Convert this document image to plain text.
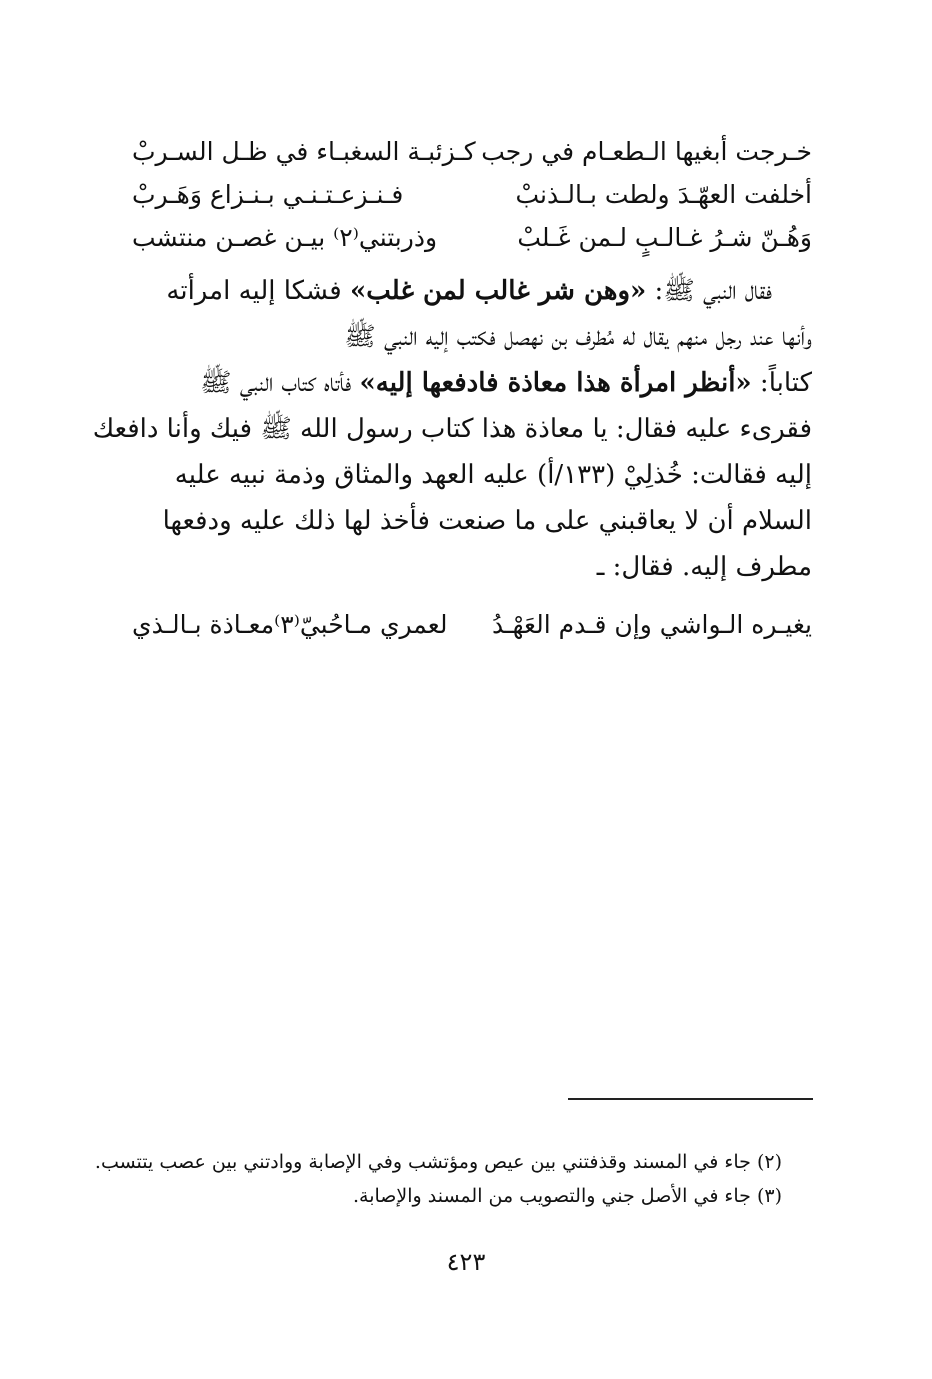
كـزئبـة السغبـاء في ظـل السـربْ خـرجت أبغيها الـطعـام في رجب
فـنـزعـتـنـي بـنـزاع وَهَـربْ	أخلفت العهّـدَ ولطت بـالـذنبْ
وذربتني⁽٢⁾ بيـن غصـن منتشب	وَهُـنّ شـرُ غـالـبٍ لـمن غَـلبْ

فقال النبي ﷺ: «وهن شر غالب لمن غلب» فشكا إليه امرأته

وأنها عند رجل منهم يقال له مُطرف بن نهصل فكتب إليه النبي ﷺ

كتاباً: «أنظر امرأة هذا معاذة فادفعها إليه» فأتاه كتاب النبي ﷺ

فقرىء عليه فقال: يا معاذة هذا كتاب رسول الله ﷺ فيك وأنا دافعك

إليه فقالت: خُذلِيْ (١٣٣/أ) عليه العهد والمثاق وذمة نبيه عليه

السلام أن لا يعاقبني على ما صنعت فأخذ لها ذلك عليه ودفعها

مطرف إليه. فقال: ـ

لعمري مـاحُبيّ⁽٣⁾معـاذة بـالـذي يغيـره الـواشي وإن قـدم العَهْـدُ
(٢) جاء في المسند وقذفتني بين عيص ومؤتشب وفي الإصابة ووادتني بين عصب يتتسب.
(٣) جاء في الأصل جني والتصويب من المسند والإصابة.
٤٢٣
